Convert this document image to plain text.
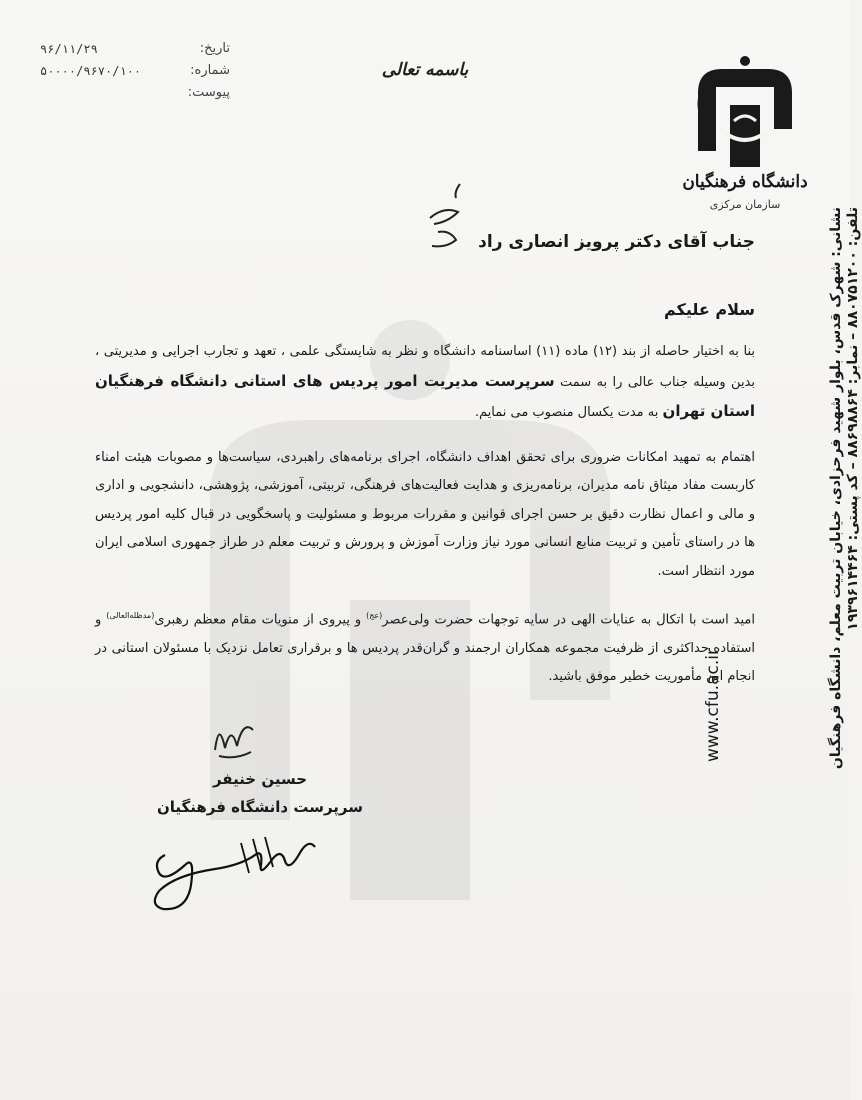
تاریخ:
۹۶/۱۱/۲۹
شماره:
۵۰۰۰۰/۹۶۷۰/۱۰۰
پیوست:
باسمه تعالی
دانشگاه فرهنگیان
سازمان مرکزی
نشانی: شهرک قدس، بلوار شهید فرحزادی، خیابان تربیت معلم، دانشگاه فرهنگیان تلفن: ۸۸۰۷۵۱۲۰۰ – نمابر: ۸۸۶۹۸۸۶۴ – کد پستی: ۱۹۳۹۶۱۴۴۶۴
www.cfu.ac.ir
جناب آقای دکتر پرویز انصاری راد
سلام علیکم

بنا به اختیار حاصله از بند (۱۲) ماده (۱۱) اساسنامه دانشگاه و نظر به شایستگی علمی ، تعهد و تجارب اجرایی و مدیریتی ، بدین وسیله جناب عالی را به سمت سرپرست مدیریت امور پردیس های استانی دانشگاه فرهنگیان استان تهران به مدت یکسال منصوب می نمایم.

اهتمام به تمهید امکانات ضروری برای تحقق اهداف دانشگاه، اجرای برنامه‌های راهبردی، سیاست‌ها و مصوبات هیئت امناء کاربست مفاد میثاق نامه مدیران، برنامه‌ریزی و هدایت فعالیت‌های فرهنگی، تربیتی، آموزشی، پژوهشی، دانشجویی و اداری و مالی و اعمال نظارت دقیق بر حسن اجرای قوانین و مقررات مربوط و مسئولیت و پاسخگویی در قبال کلیه امور پردیس ها در راستای تأمین و تربیت منابع انسانی مورد نیاز وزارت آموزش و پرورش و تربیت معلم در طراز جمهوری اسلامی ایران مورد انتظار است.

امید است با اتکال به عنایات الهی در سایه توجهات حضرت ولی‌عصر$^{(عج)}$ و پیروی از منویات مقام معظم رهبری$^{(مدظله‌العالی)}$ و استفاده حداکثری از ظرفیت مجموعه همکاران ارجمند و گران‌قدر پردیس ها و برقراری تعامل نزدیک با مسئولان استانی در انجام این مأموریت خطیر موفق باشید.

حسین خنیفر
سرپرست دانشگاه فرهنگیان
